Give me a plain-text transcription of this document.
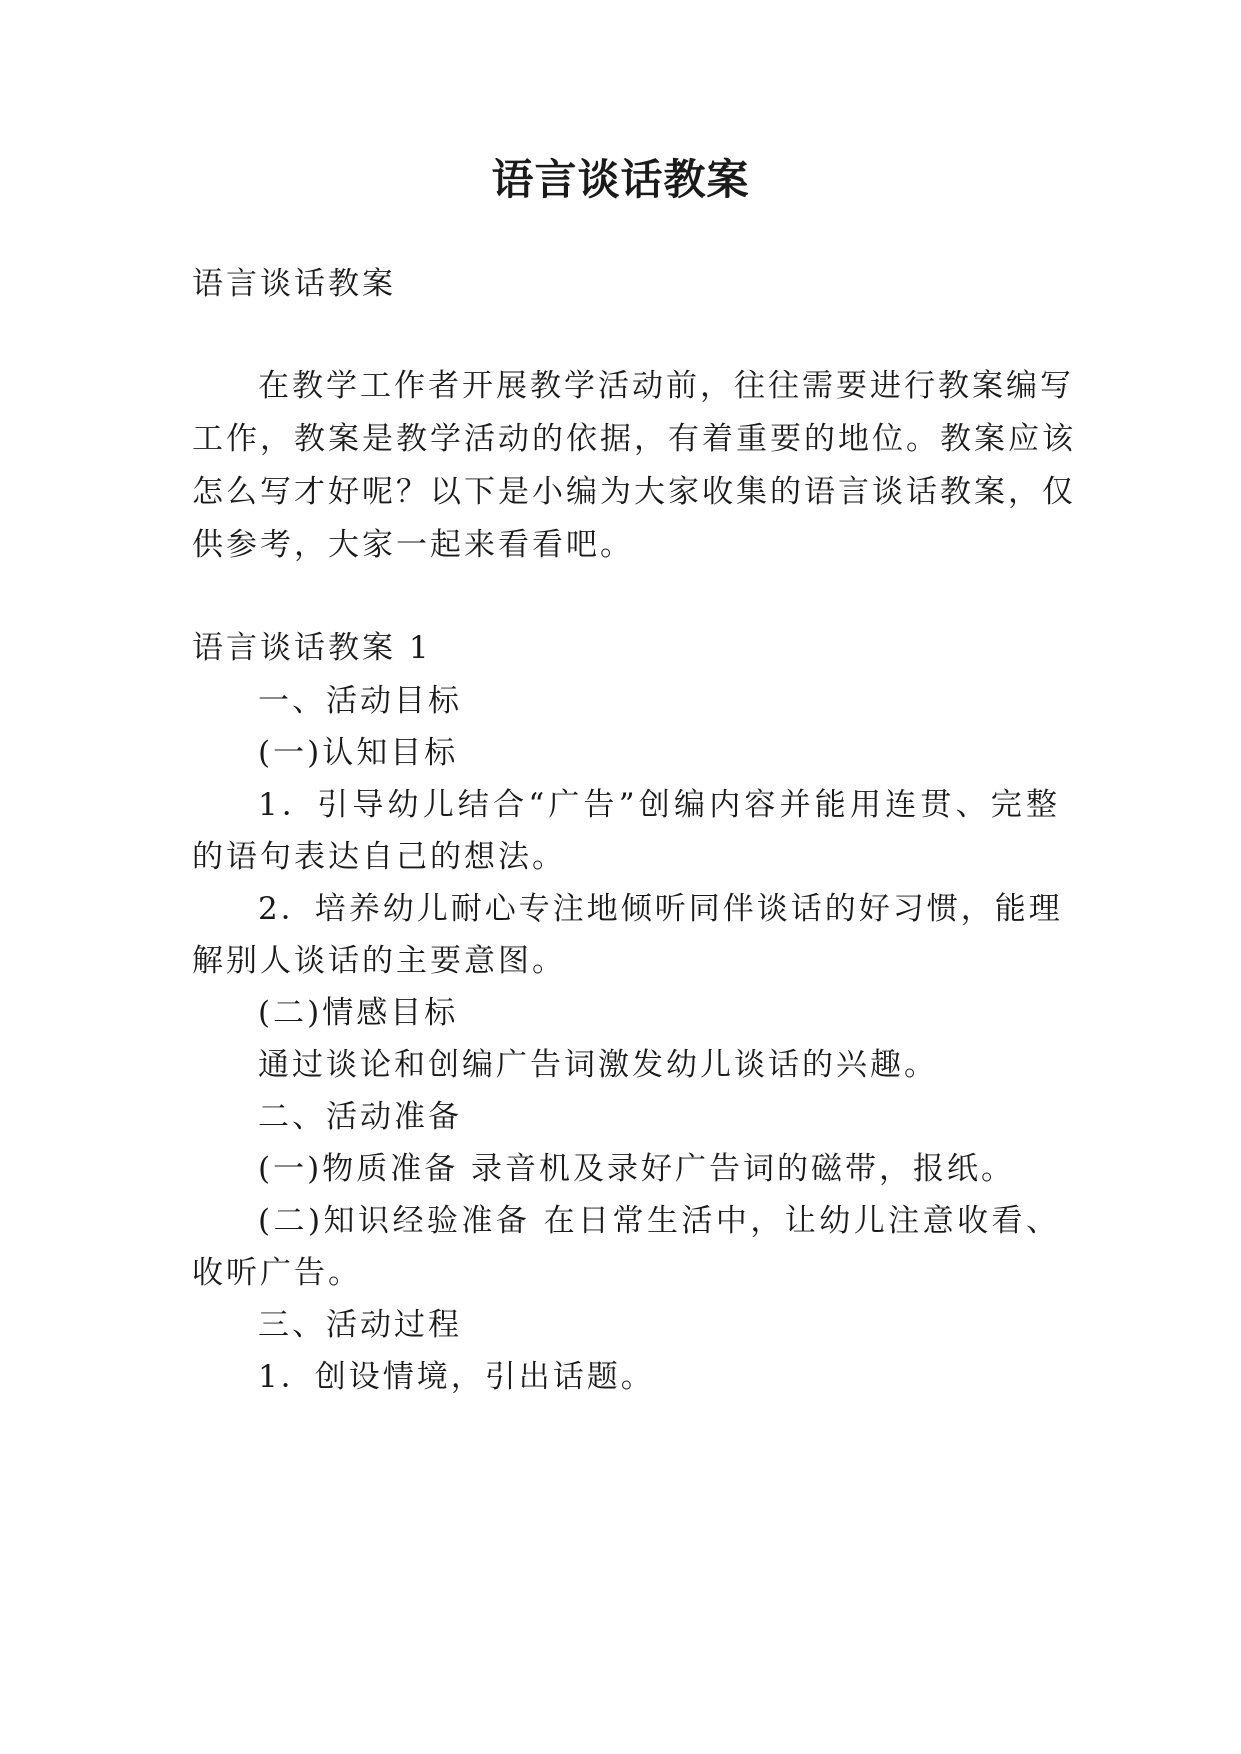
语言谈话教案
语言谈话教案
在教学工作者开展教学活动前，往往需要进行教案编写
工作，教案是教学活动的依据，有着重要的地位。教案应该
怎么写才好呢？以下是小编为大家收集的语言谈话教案，仅
供参考，大家一起来看看吧。
语言谈话教案 1
一、活动目标
(一)认知目标
1．引导幼儿结合“广告”创编内容并能用连贯、完整
的语句表达自己的想法。
2．培养幼儿耐心专注地倾听同伴谈话的好习惯，能理
解别人谈话的主要意图。
(二)情感目标
通过谈论和创编广告词激发幼儿谈话的兴趣。
二、活动准备
(一)物质准备 录音机及录好广告词的磁带，报纸。
(二)知识经验准备 在日常生活中，让幼儿注意收看、
收听广告。
三、活动过程
1．创设情境，引出话题。
